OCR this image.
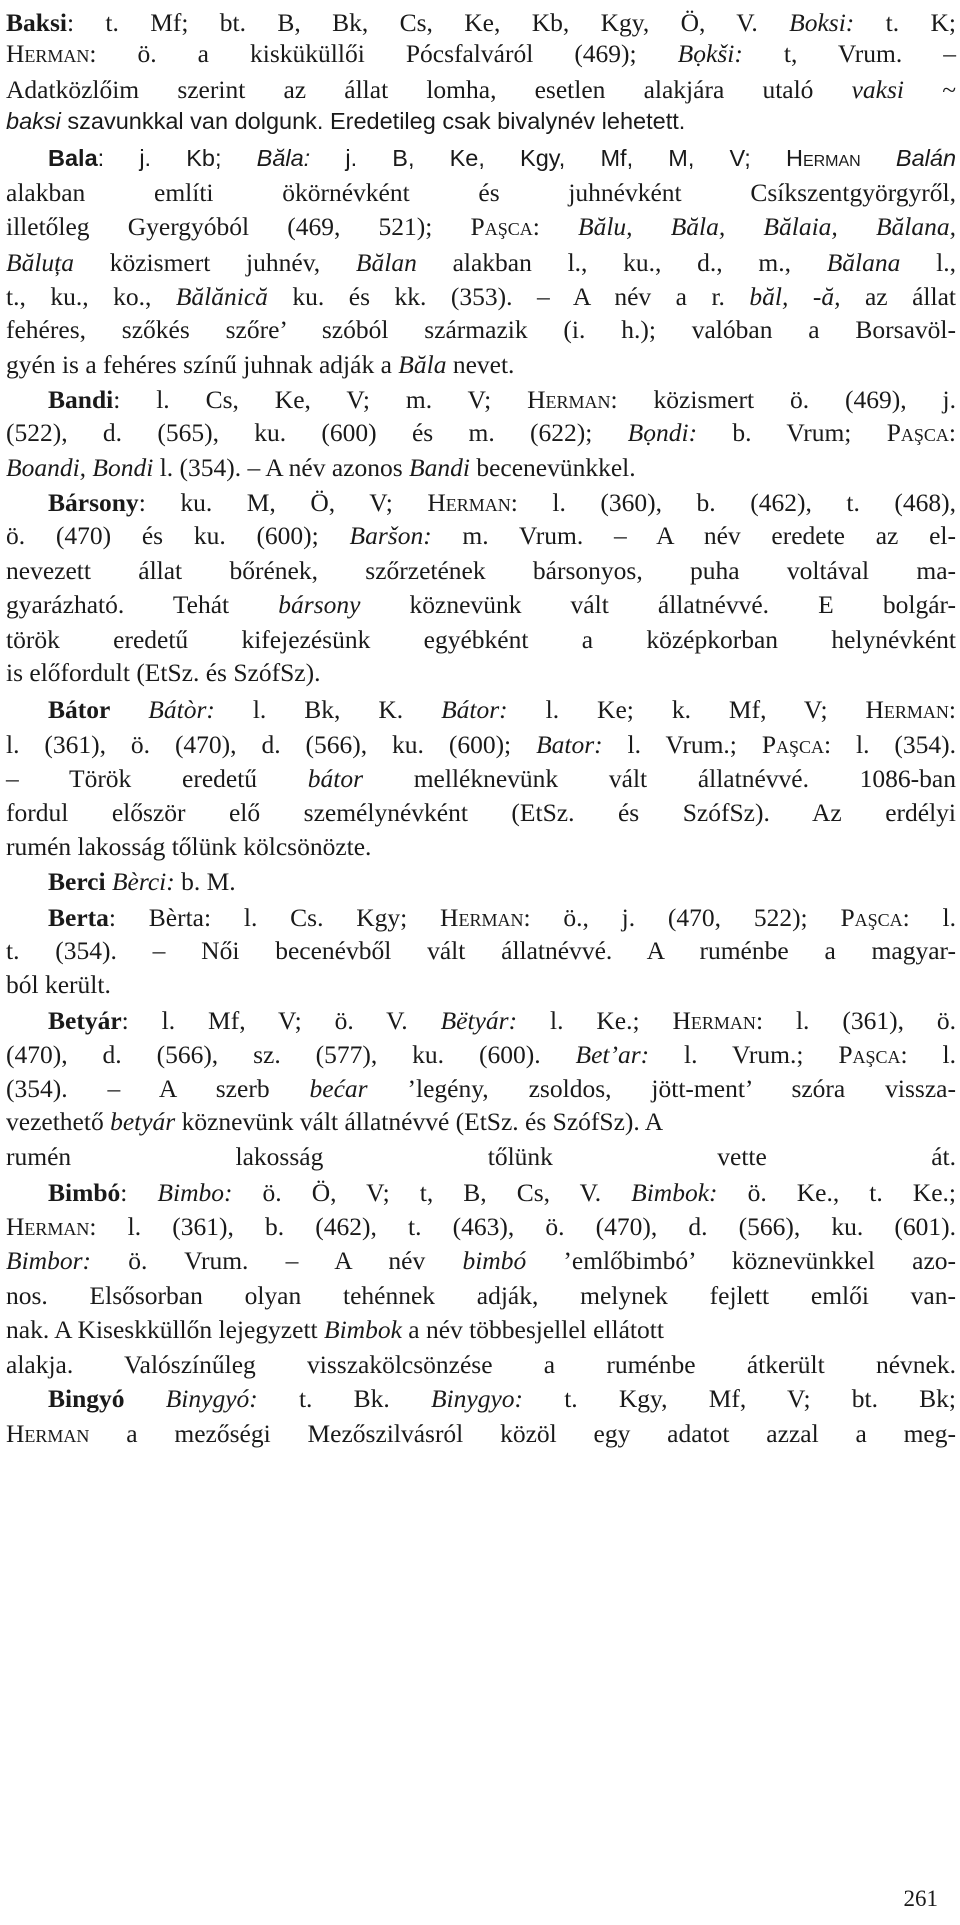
Baksi: t. Mf; bt. B, Bk, Cs, Ke, Kb, Kgy, Ö, V. Boksi: t. K;
Herman: ö. a kisküküllői Pócsfalváról (469); Bọkši: t, Vrum. –
Adatközlőim szerint az állat lomha, esetlen alakjára utaló vaksi ~
baksi szavunkkal van dolgunk. Eredetileg csak bivalynév lehetett.
Bala: j. Kb; Băla: j. B, Ke, Kgy, Mf, M, V; Herman Balán
alakban említi ökörnévként és juhnévként Csíkszentgyörgyről,
illetőleg Gyergyóból (469, 521); Paşca: Bălu, Băla, Bălaia, Bălana,
Băluța közismert juhnév, Bălan alakban l., ku., d., m., Bălana l.,
t., ku., ko., Bălănică ku. és kk. (353). – A név a r. băl, -ă, az állat
fehéres, szőkés szőre’ szóból származik (i. h.); valóban a Borsavöl-
gyén is a fehéres színű juhnak adják a Băla nevet.
Bandi: l. Cs, Ke, V; m. V; Herman: közismert ö. (469), j.
(522), d. (565), ku. (600) és m. (622); Bọndi: b. Vrum; Paşca:
Boandi, Bondi l. (354). – A név azonos Bandi becenevünkkel.
Bársony: ku. M, Ö, V; Herman: l. (360), b. (462), t. (468),
ö. (470) és ku. (600); Baršon: m. Vrum. – A név eredete az el-
nevezett állat bőrének, szőrzetének bársonyos, puha voltával ma-
gyarázható. Tehát bársony köznevünk vált állatnévvé. E bolgár-
török eredetű kifejezésünk egyébként a középkorban helynévként
is előfordult (EtSz. és SzófSz).
Bátor Bátòr: l. Bk, K. Bátor: l. Ke; k. Mf, V; Herman:
l. (361), ö. (470), d. (566), ku. (600); Bator: l. Vrum.; Paşca: l. (354).
– Török eredetű bátor melléknevünk vált állatnévvé. 1086-ban
fordul először elő személynévként (EtSz. és SzófSz). Az erdélyi
rumén lakosság tőlünk kölcsönözte.
Berci Bèrci: b. M.
Berta: Bèrta: l. Cs. Kgy; Herman: ö., j. (470, 522); Paşca: l.
t. (354). – Női becenévből vált állatnévvé. A ruménbe a magyar-
ból került.
Betyár: l. Mf, V; ö. V. Bëtyár: l. Ke.; Herman: l. (361), ö.
(470), d. (566), sz. (577), ku. (600). Bet’ar: l. Vrum.; Paşca: l.
(354). – A szerb bećar ’legény, zsoldos, jött-ment’ szóra vissza-
vezethető betyár köznevünk vált állatnévvé (EtSz. és SzófSz). A
rumén lakosság tőlünk vette át.
Bimbó: Bimbo: ö. Ö, V; t, B, Cs, V. Bimbok: ö. Ke., t. Ke.;
Herman: l. (361), b. (462), t. (463), ö. (470), d. (566), ku. (601).
Bimbor: ö. Vrum. – A név bimbó ’emlőbimbó’ köznevünkkel azo-
nos. Elsősorban olyan tehénnek adják, melynek fejlett emlői van-
nak. A Kiseskküllőn lejegyzett Bimbok a név többesjellel ellátott
alakja. Valószínűleg visszakölcsönzése a ruménbe átkerült névnek.
Bingyó Binygyó: t. Bk. Binygyo: t. Kgy, Mf, V; bt. Bk;
Herman a mezőségi Mezőszilvásról közöl egy adatot azzal a meg-
261
